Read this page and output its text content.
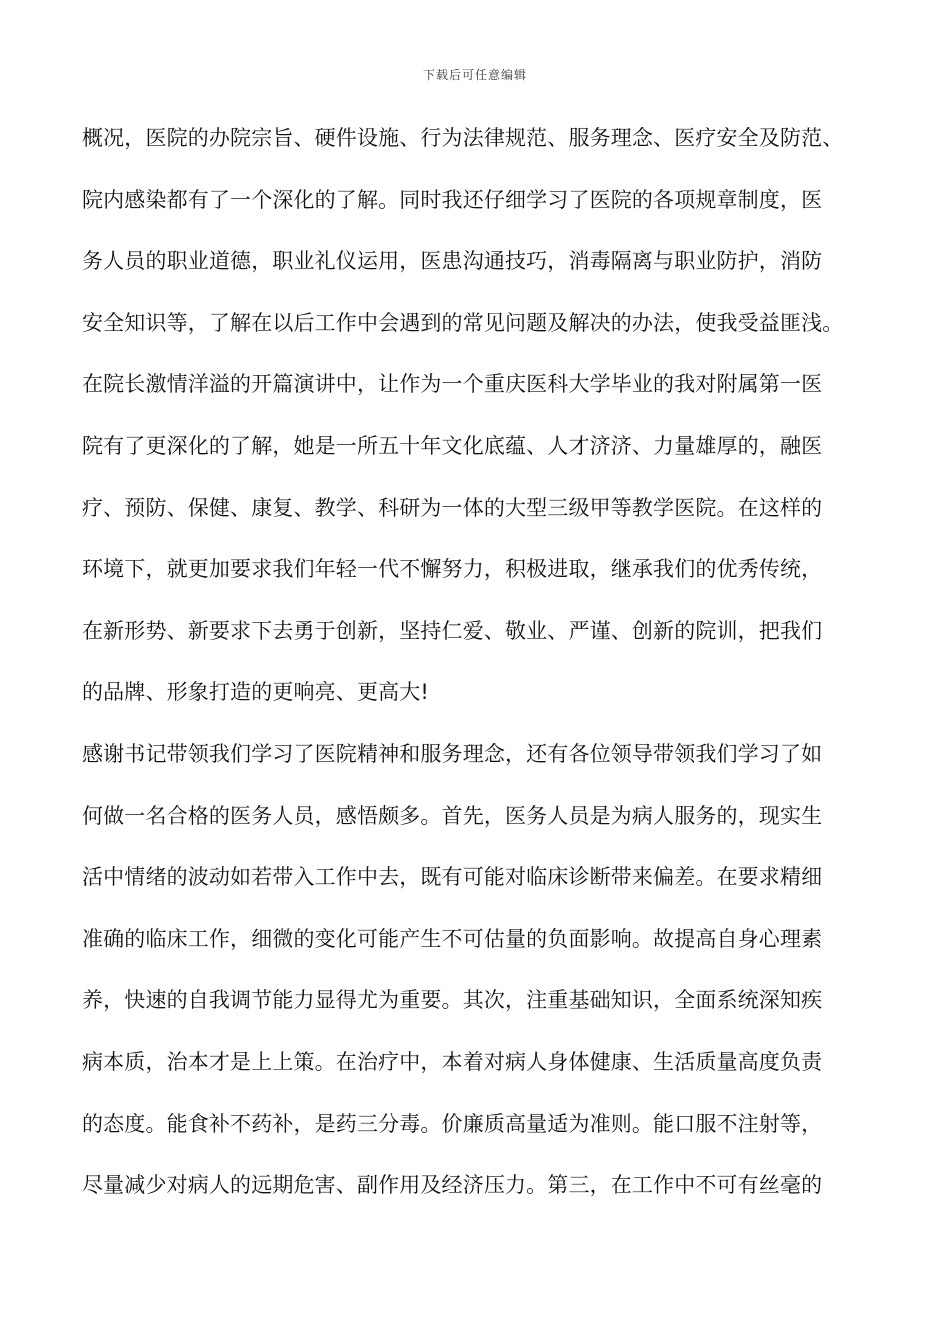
下载后可任意编辑
概况，医院的办院宗旨、硬件设施、行为法律规范、服务理念、医疗安全及防范、
院内感染都有了一个深化的了解。同时我还仔细学习了医院的各项规章制度，医
务人员的职业道德，职业礼仪运用，医患沟通技巧，消毒隔离与职业防护，消防
安全知识等，了解在以后工作中会遇到的常见问题及解决的办法，使我受益匪浅。
在院长激情洋溢的开篇演讲中，让作为一个重庆医科大学毕业的我对附属第一医
院有了更深化的了解，她是一所五十年文化底蕴、人才济济、力量雄厚的，融医
疗、预防、保健、康复、教学、科研为一体的大型三级甲等教学医院。在这样的
环境下，就更加要求我们年轻一代不懈努力，积极进取，继承我们的优秀传统，
在新形势、新要求下去勇于创新，坚持仁爱、敬业、严谨、创新的院训，把我们
的品牌、形象打造的更响亮、更高大!
感谢书记带领我们学习了医院精神和服务理念，还有各位领导带领我们学习了如
何做一名合格的医务人员，感悟颇多。首先，医务人员是为病人服务的，现实生
活中情绪的波动如若带入工作中去，既有可能对临床诊断带来偏差。在要求精细
准确的临床工作，细微的变化可能产生不可估量的负面影响。故提高自身心理素
养，快速的自我调节能力显得尤为重要。其次，注重基础知识，全面系统深知疾
病本质，治本才是上上策。在治疗中，本着对病人身体健康、生活质量高度负责
的态度。能食补不药补，是药三分毒。价廉质高量适为准则。能口服不注射等，
尽量减少对病人的远期危害、副作用及经济压力。第三，在工作中不可有丝毫的
